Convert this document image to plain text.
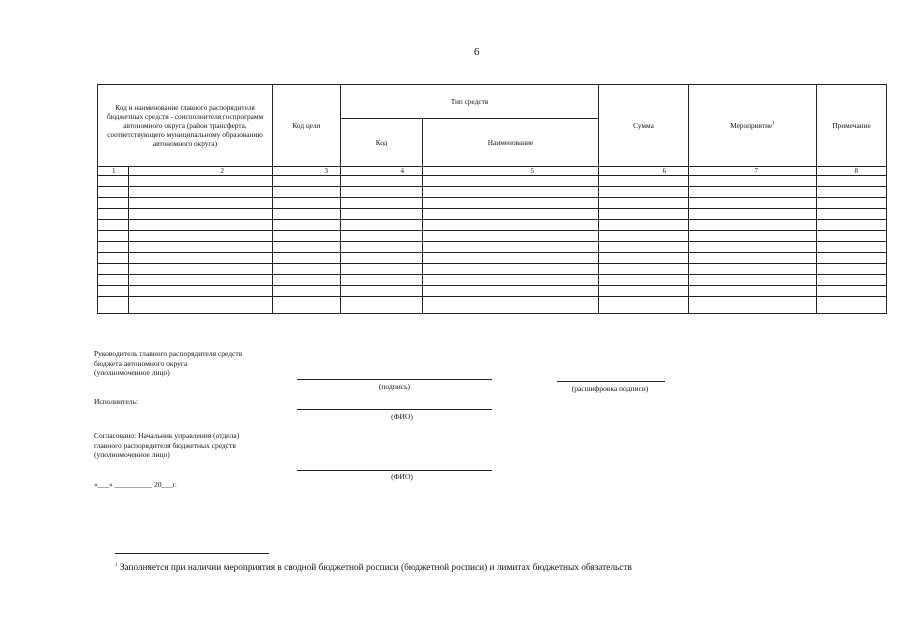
6
Код и наименование главного распорядителя бюджетных средств - соисполнителя госпрограмм автономного округа (район трансферта, соответствующего муниципальному образованию автономного округа)		Код цели	Тип средств		Сумма	Мероприятие$^1$	Примечание
			Код	Наименование			
1	2	3	4	5	6	7	8

Руководитель главного распорядителя средств
бюджета автономного округа
(уполномоченное лицо)
(подпись)	(расшифровка подписи)
Исполнитель:
(ФИО)
Согласовано: Начальник управления (отдела)
главного распорядителя бюджетных средств
(уполномоченное лицо)
(ФИО)
«___» __________ 20___г.
$^1$ Заполняется при наличии мероприятия в сводной бюджетной росписи (бюджетной росписи) и лимитах бюджетных обязательств
